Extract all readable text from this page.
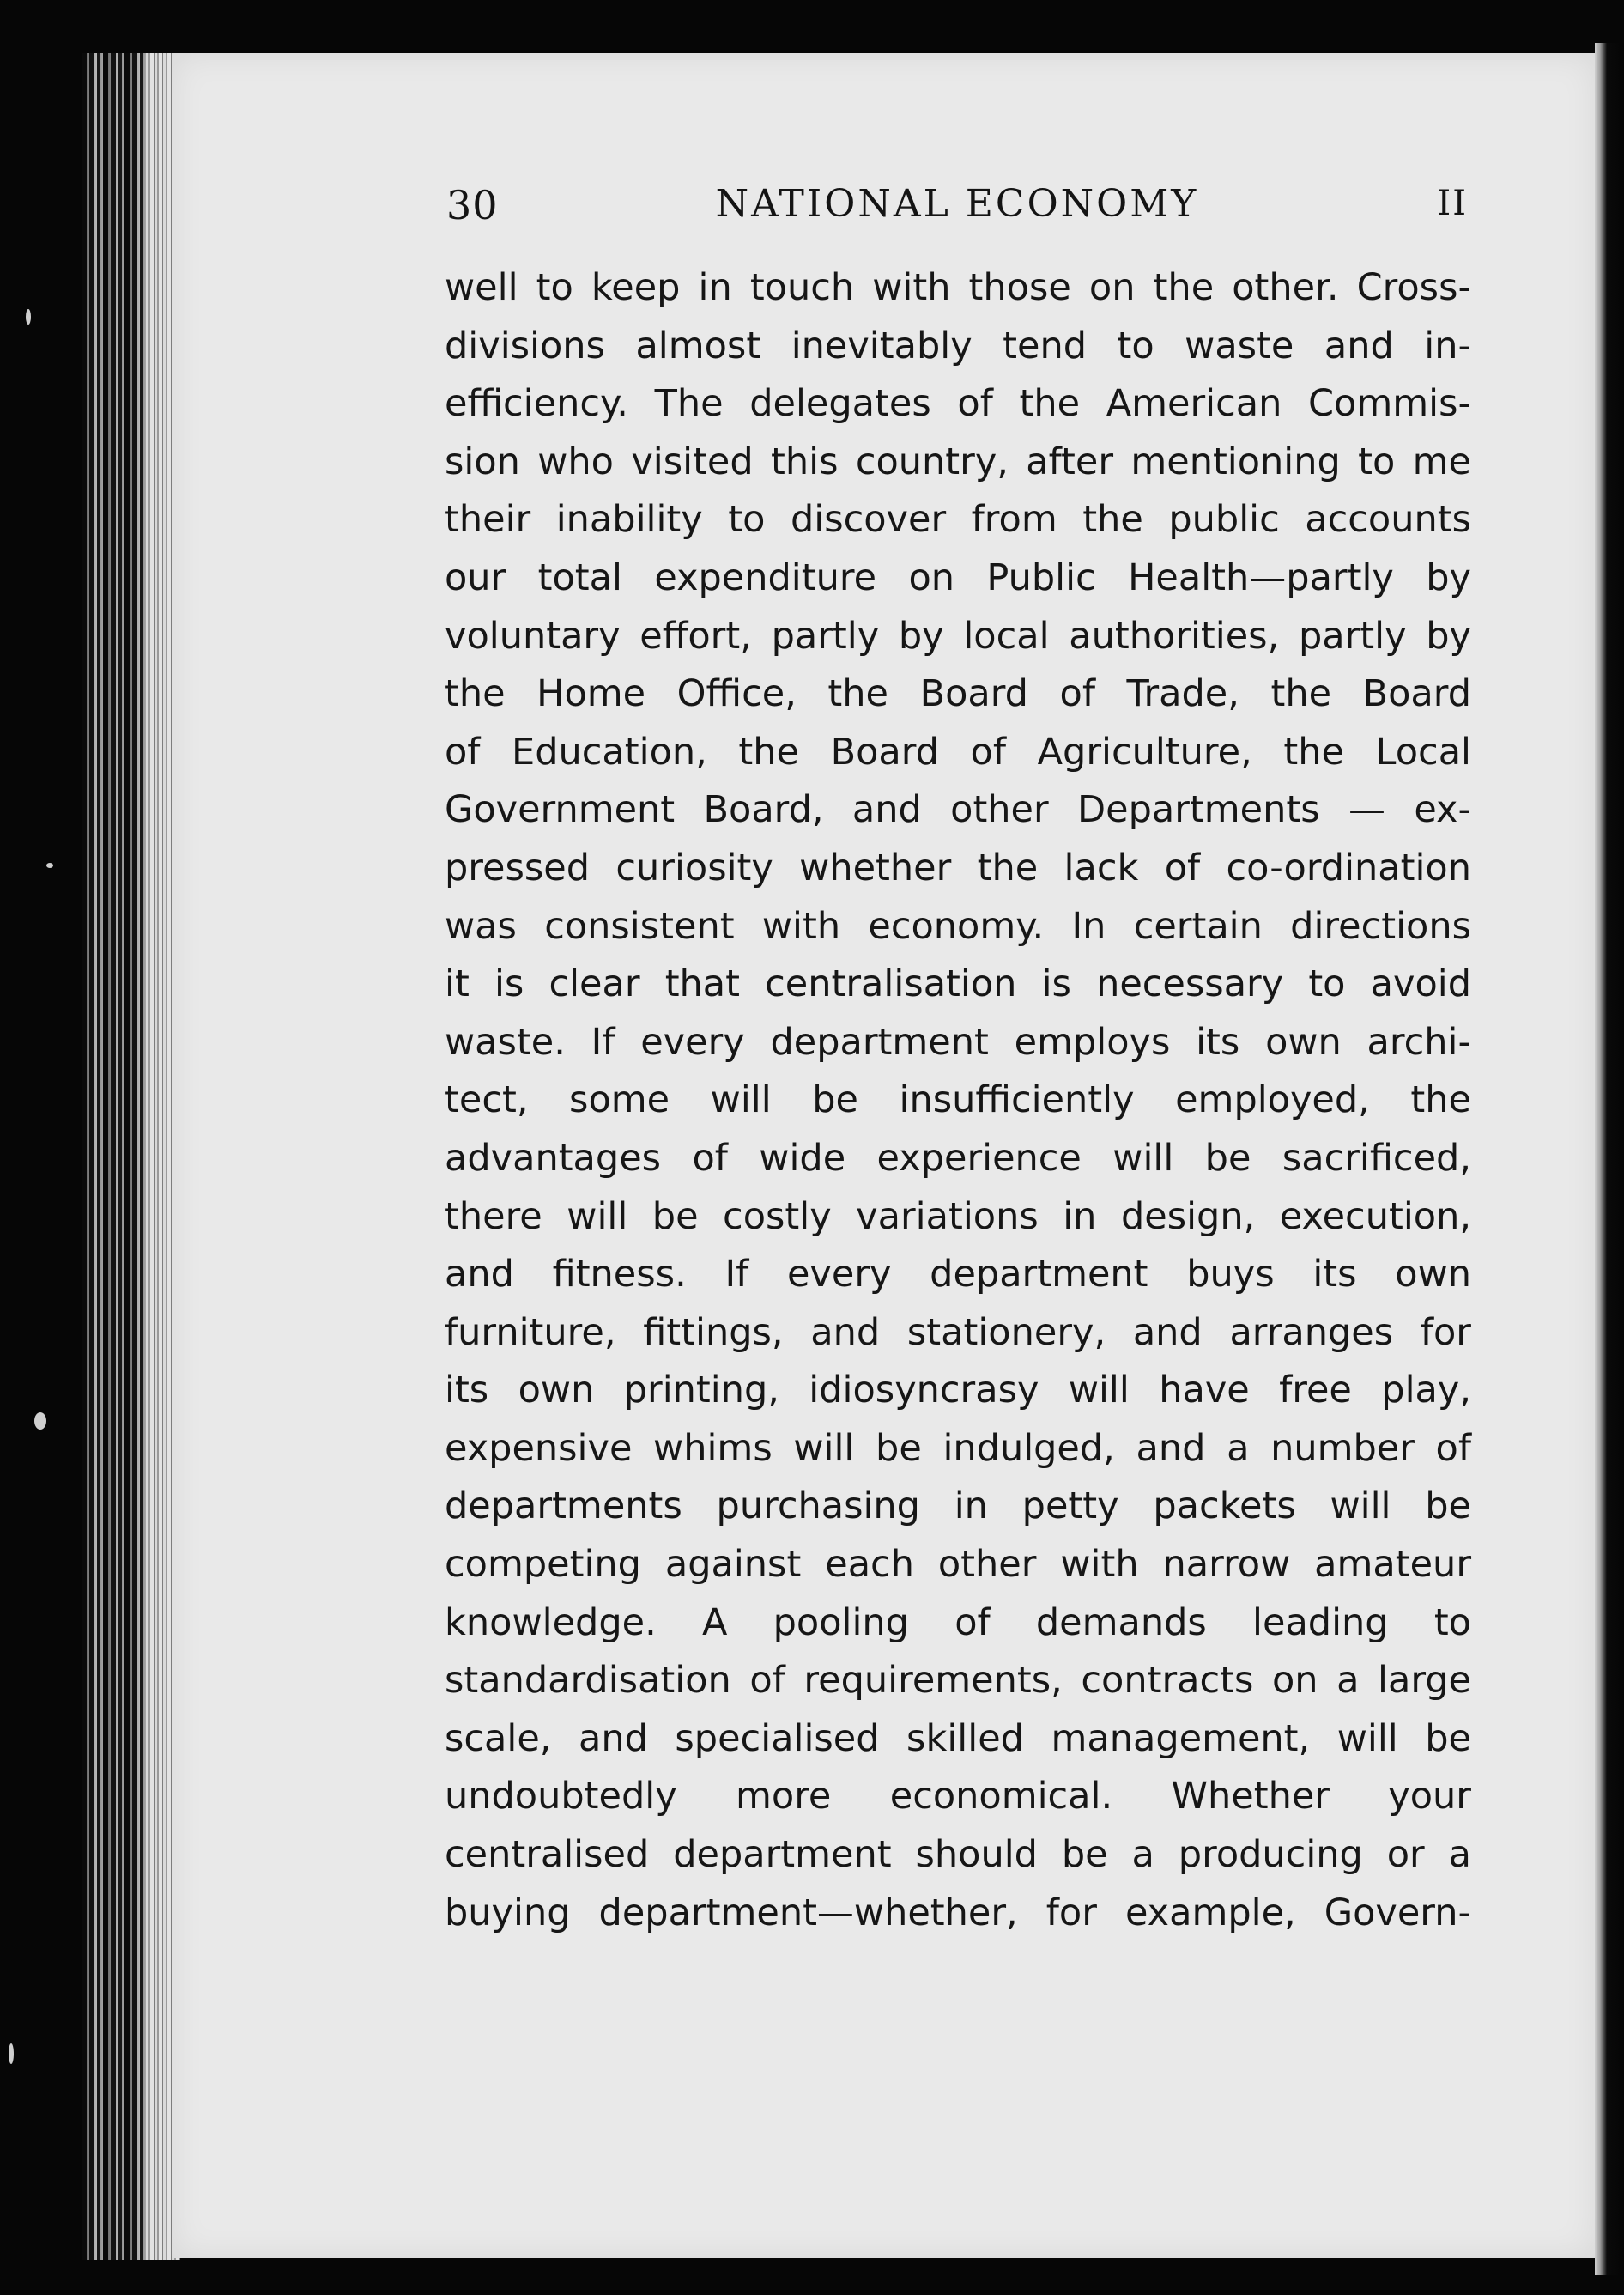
30	NATIONAL ECONOMY	II
well to keep in touch with those on the other. Cross-
divisions almost inevitably tend to waste and in-
efficiency. The delegates of the American Commis-
sion who visited this country, after mentioning to me
their inability to discover from the public accounts
our total expenditure on Public Health—partly by
voluntary effort, partly by local authorities, partly by
the Home Office, the Board of Trade, the Board
of Education, the Board of Agriculture, the Local
Government Board, and other Departments — ex-
pressed curiosity whether the lack of co-ordination
was consistent with economy. In certain directions
it is clear that centralisation is necessary to avoid
waste. If every department employs its own archi-
tect, some will be insufficiently employed, the
advantages of wide experience will be sacrificed,
there will be costly variations in design, execution,
and fitness. If every department buys its own
furniture, fittings, and stationery, and arranges for
its own printing, idiosyncrasy will have free play,
expensive whims will be indulged, and a number of
departments purchasing in petty packets will be
competing against each other with narrow amateur
knowledge. A pooling of demands leading to
standardisation of requirements, contracts on a large
scale, and specialised skilled management, will be
undoubtedly more economical. Whether your
centralised department should be a producing or a
buying department—whether, for example, Govern-
